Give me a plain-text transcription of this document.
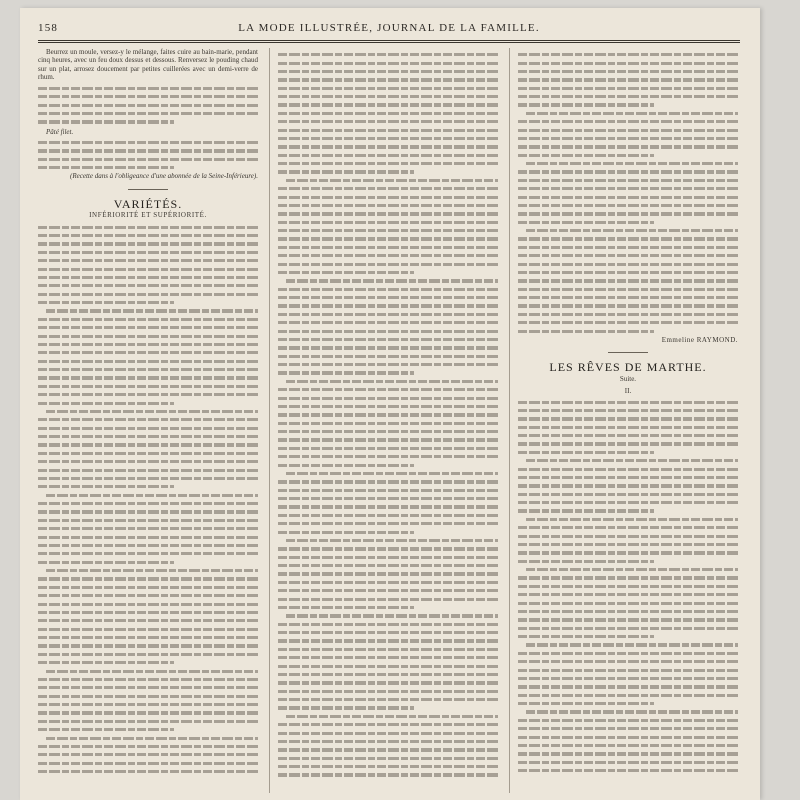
158	LA MODE ILLUSTRÉE, JOURNAL DE LA FAMILLE.

Beurrez un moule, versez-y le mélange, faites cuire au bain-marie, pendant cinq heures, avec un feu doux dessus et dessous. Renversez le pouding chaud sur un plat, arrosez doucement par petites cuillerées avec un demi-verre de rhum.

Pâté filet.

(Recette dans à l'obligeance d'une abonnée de la Seine-Inférieure).
VARIÉTÉS.
INFÉRIORITÉ ET SUPÉRIORITÉ.
Emmeline RAYMOND.
LES RÊVES DE MARTHE.
Suite.
II.
